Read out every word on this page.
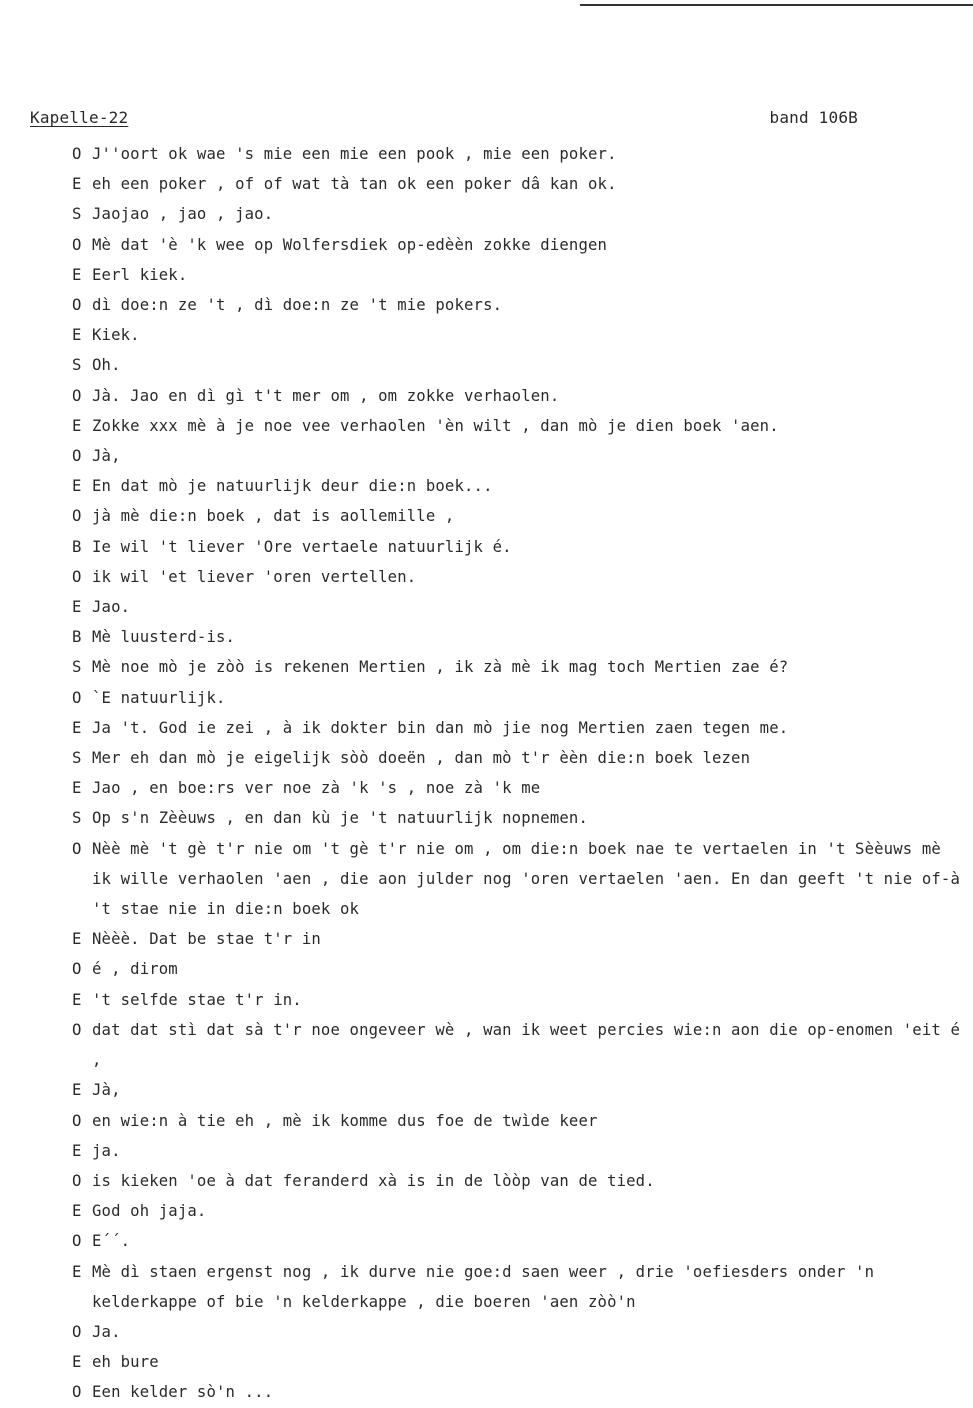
Kapelle-22	band 106B
O J''oort ok wae 's mie een mie een pook , mie een poker.
E eh een poker , of of wat tà tan ok een poker dâ kan ok.
S Jaojao , jao , jao.
O Mè dat 'è 'k wee op Wolfersdiek op-edèèn zokke diengen
E Eerl kiek.
O dì doe:n ze 't , dì doe:n ze 't mie pokers.
E Kiek.
S Oh.
O Jà. Jao en dì gì t't mer om , om zokke verhaolen.
E Zokke xxx mè à je noe vee verhaolen 'èn wilt , dan mò je dien boek 'aen.
O Jà,
E En dat mò je natuurlijk deur die:n boek...
O jà mè die:n boek , dat is aollemille ,
B Ie wil 't liever 'Ore vertaele natuurlijk é.
O ik wil 'et liever 'oren vertellen.
E Jao.
B Mè luusterd-is.
S Mè noe mò je zòò is rekenen Mertien , ik zà mè ik mag toch Mertien zae é?
O `E natuurlijk.
E Ja 't. God ie zei , à ik dokter bin dan mò jie nog Mertien zaen tegen me.
S Mer eh dan mò je eigelijk sòò doeën , dan mò t'r èèn die:n boek lezen
E Jao , en boe:rs ver noe zà 'k 's , noe zà 'k me
S Op s'n Zèèuws , en dan kù je 't natuurlijk nopnemen.
O Nèè mè 't gè t'r nie om 't gè t'r nie om , om die:n boek nae te vertaelen in 't Sèèuws mè ik wille verhaolen 'aen , die aon julder nog 'oren vertaelen 'aen. En dan geeft 't nie of-à 't stae nie in die:n boek ok
E Nèèè. Dat be stae t'r in
O é , dirom
E 't selfde stae t'r in.
O dat dat stì dat sà t'r noe ongeveer wè , wan ik weet percies wie:n aon die op-enomen 'eit é ,
E Jà,
O en wie:n à tie eh , mè ik komme dus foe de twìde keer
E ja.
O is kieken 'oe à dat feranderd xà is in de lòòp van de tied.
E God oh jaja.
O E´´.
E Mè dì staen ergenst nog , ik durve nie goe:d saen weer , drie 'oefiesders onder 'n kelderkappe of bie 'n kelderkappe , die boeren 'aen zòò'n
O Ja.
E eh bure
O Een kelder sò'n ...
